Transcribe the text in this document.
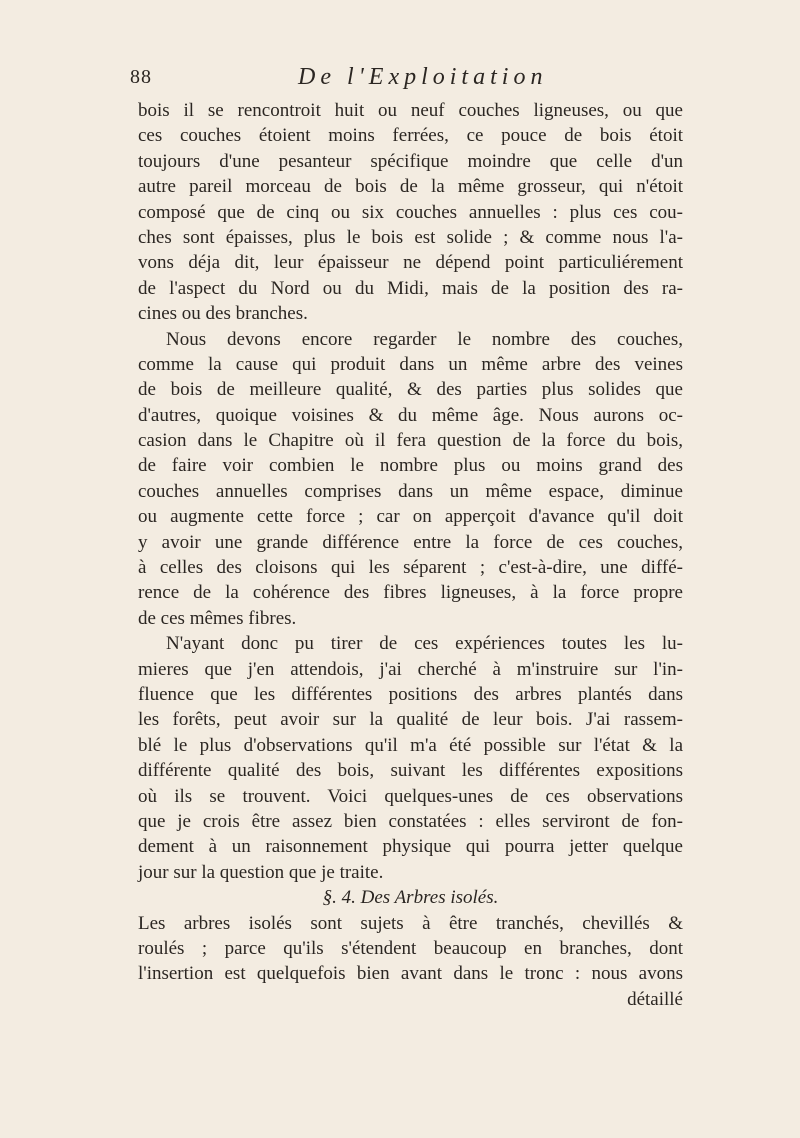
88	De l'Exploitation
bois il se rencontroit huit ou neuf couches ligneuses, ou que
ces couches étoient moins ferrées, ce pouce de bois étoit
toujours d'une pesanteur spécifique moindre que celle d'un
autre pareil morceau de bois de la même grosseur, qui n'étoit
composé que de cinq ou six couches annuelles : plus ces cou-
ches sont épaisses, plus le bois est solide ; & comme nous l'a-
vons déja dit, leur épaisseur ne dépend point particuliérement
de l'aspect du Nord ou du Midi, mais de la position des ra-
cines ou des branches.
Nous devons encore regarder le nombre des couches,
comme la cause qui produit dans un même arbre des veines
de bois de meilleure qualité, & des parties plus solides que
d'autres, quoique voisines & du même âge. Nous aurons oc-
casion dans le Chapitre où il fera question de la force du bois,
de faire voir combien le nombre plus ou moins grand des
couches annuelles comprises dans un même espace, diminue
ou augmente cette force ; car on apperçoit d'avance qu'il doit
y avoir une grande différence entre la force de ces couches,
à celles des cloisons qui les séparent ; c'est-à-dire, une diffé-
rence de la cohérence des fibres ligneuses, à la force propre
de ces mêmes fibres.
N'ayant donc pu tirer de ces expériences toutes les lu-
mieres que j'en attendois, j'ai cherché à m'instruire sur l'in-
fluence que les différentes positions des arbres plantés dans
les forêts, peut avoir sur la qualité de leur bois. J'ai rassem-
blé le plus d'observations qu'il m'a été possible sur l'état & la
différente qualité des bois, suivant les différentes expositions
où ils se trouvent. Voici quelques-unes de ces observations
que je crois être assez bien constatées : elles serviront de fon-
dement à un raisonnement physique qui pourra jetter quelque
jour sur la question que je traite.
§. 4. Des Arbres isolés.
Les arbres isolés sont sujets à être tranchés, chevillés &
roulés ; parce qu'ils s'étendent beaucoup en branches, dont
l'insertion est quelquefois bien avant dans le tronc : nous avons
détaillé
